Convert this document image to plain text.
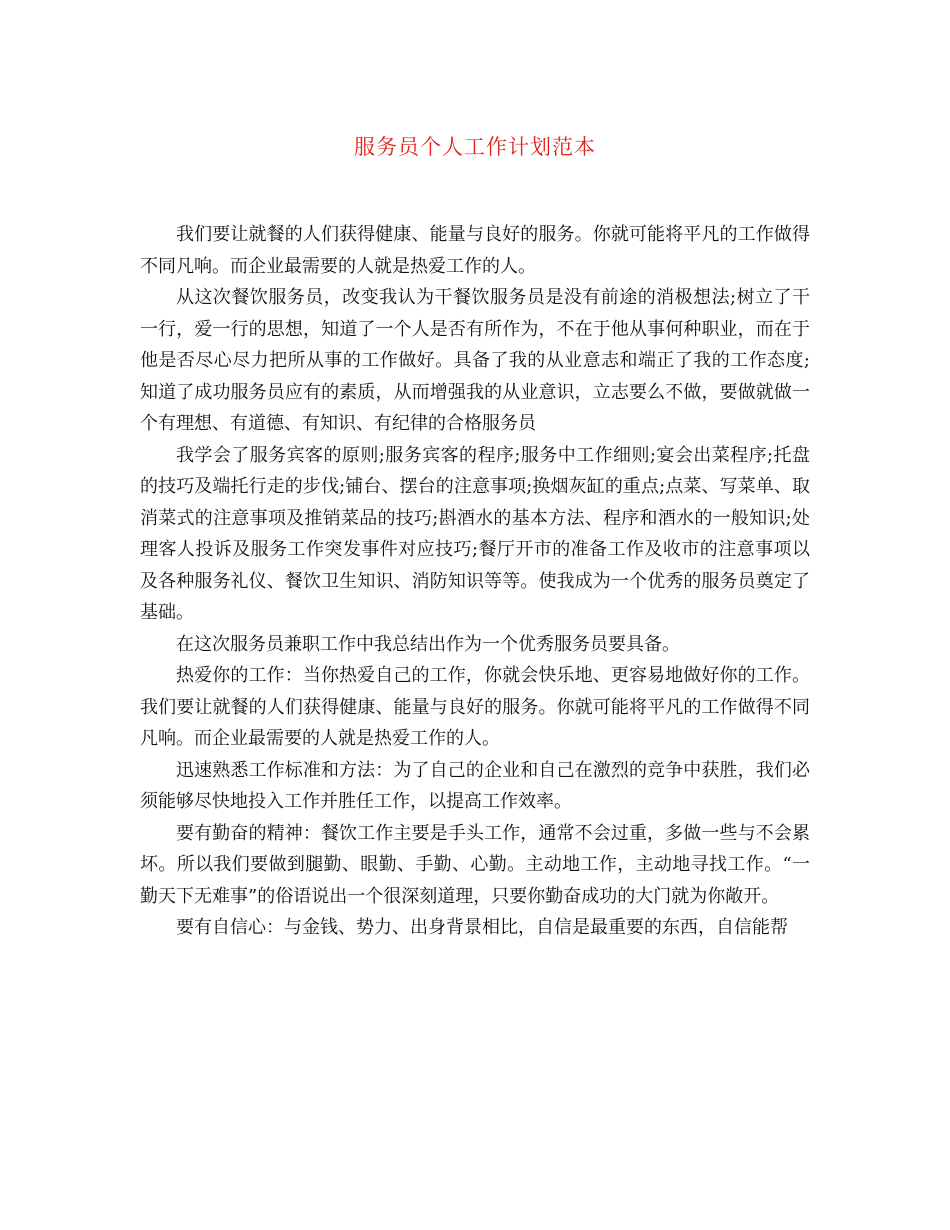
服务员个人工作计划范本

我们要让就餐的人们获得健康、能量与良好的服务。你就可能将平凡的工作做得不同凡响。而企业最需要的人就是热爱工作的人。

从这次餐饮服务员，改变我认为干餐饮服务员是没有前途的消极想法;树立了干一行，爱一行的思想，知道了一个人是否有所作为，不在于他从事何种职业，而在于他是否尽心尽力把所从事的工作做好。具备了我的从业意志和端正了我的工作态度;知道了成功服务员应有的素质，从而增强我的从业意识，立志要么不做，要做就做一个有理想、有道德、有知识、有纪律的合格服务员

我学会了服务宾客的原则;服务宾客的程序;服务中工作细则;宴会出菜程序;托盘的技巧及端托行走的步伐;铺台、摆台的注意事项;换烟灰缸的重点;点菜、写菜单、取消菜式的注意事项及推销菜品的技巧;斟酒水的基本方法、程序和酒水的一般知识;处理客人投诉及服务工作突发事件对应技巧;餐厅开市的准备工作及收市的注意事项以及各种服务礼仪、餐饮卫生知识、消防知识等等。使我成为一个优秀的服务员奠定了基础。

在这次服务员兼职工作中我总结出作为一个优秀服务员要具备。

热爱你的工作：当你热爱自己的工作，你就会快乐地、更容易地做好你的工作。我们要让就餐的人们获得健康、能量与良好的服务。你就可能将平凡的工作做得不同凡响。而企业最需要的人就是热爱工作的人。

迅速熟悉工作标准和方法：为了自己的企业和自己在激烈的竞争中获胜，我们必须能够尽快地投入工作并胜任工作，以提高工作效率。

要有勤奋的精神：餐饮工作主要是手头工作，通常不会过重，多做一些与不会累坏。所以我们要做到腿勤、眼勤、手勤、心勤。主动地工作，主动地寻找工作。“一勤天下无难事”的俗语说出一个很深刻道理，只要你勤奋成功的大门就为你敞开。

要有自信心：与金钱、势力、出身背景相比，自信是最重要的东西，自信能帮
